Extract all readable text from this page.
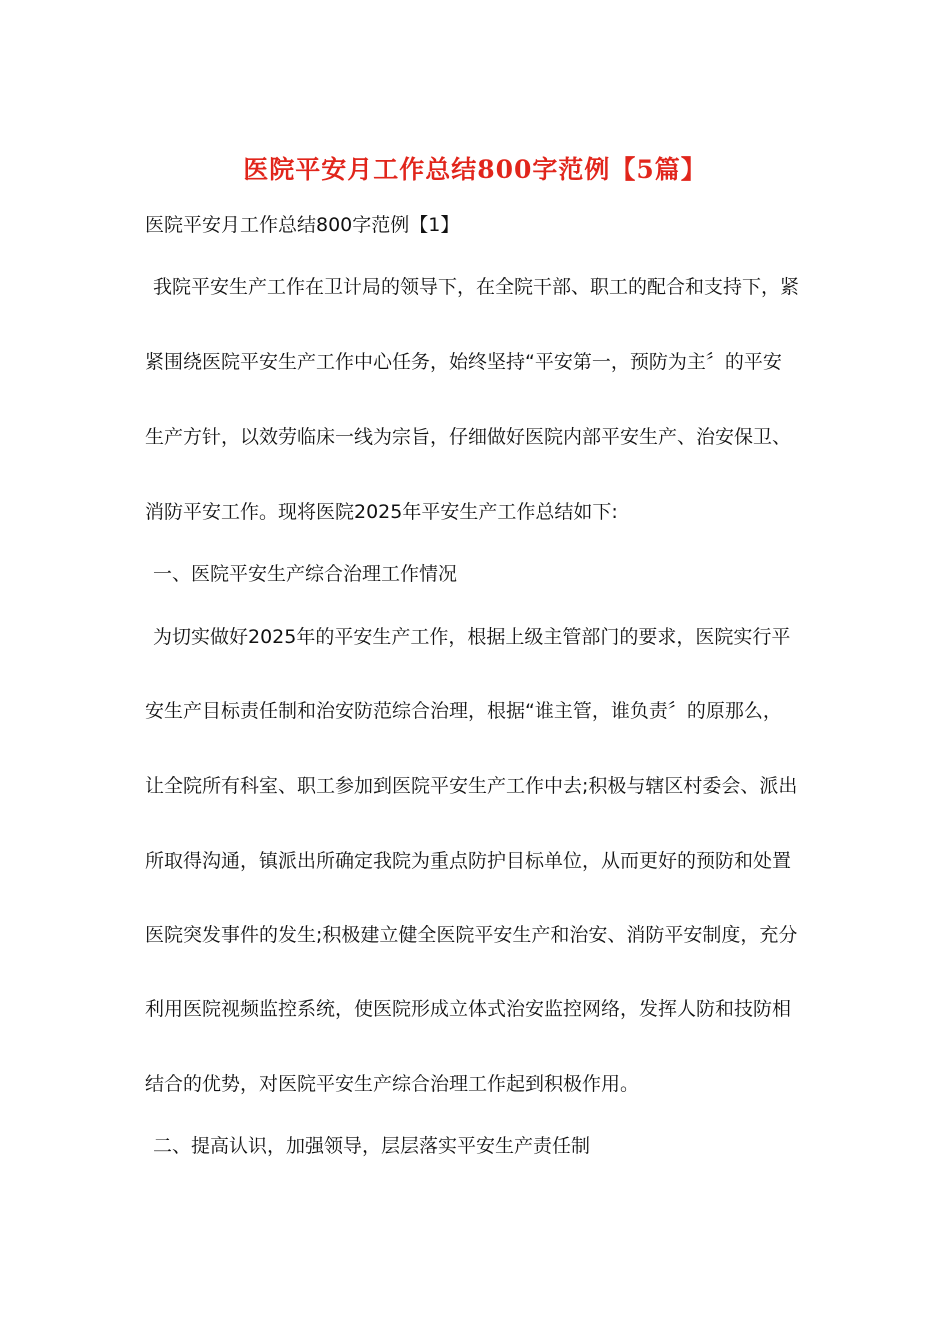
医院平安月工作总结800字范例【5篇】
医院平安月工作总结800字范例【1】
我院平安生产工作在卫计局的领导下，在全院干部、职工的配合和支持下，紧
紧围绕医院平安生产工作中心任务，始终坚持“平安第一，预防为主〞的平安
生产方针，以效劳临床一线为宗旨，仔细做好医院内部平安生产、治安保卫、
消防平安工作。现将医院2025年平安生产工作总结如下:
一、医院平安生产综合治理工作情况
为切实做好2025年的平安生产工作，根据上级主管部门的要求，医院实行平
安生产目标责任制和治安防范综合治理，根据“谁主管，谁负责〞的原那么，
让全院所有科室、职工参加到医院平安生产工作中去;积极与辖区村委会、派出
所取得沟通，镇派出所确定我院为重点防护目标单位，从而更好的预防和处置
医院突发事件的发生;积极建立健全医院平安生产和治安、消防平安制度，充分
利用医院视频监控系统，使医院形成立体式治安监控网络，发挥人防和技防相
结合的优势，对医院平安生产综合治理工作起到积极作用。
二、提高认识，加强领导，层层落实平安生产责任制
